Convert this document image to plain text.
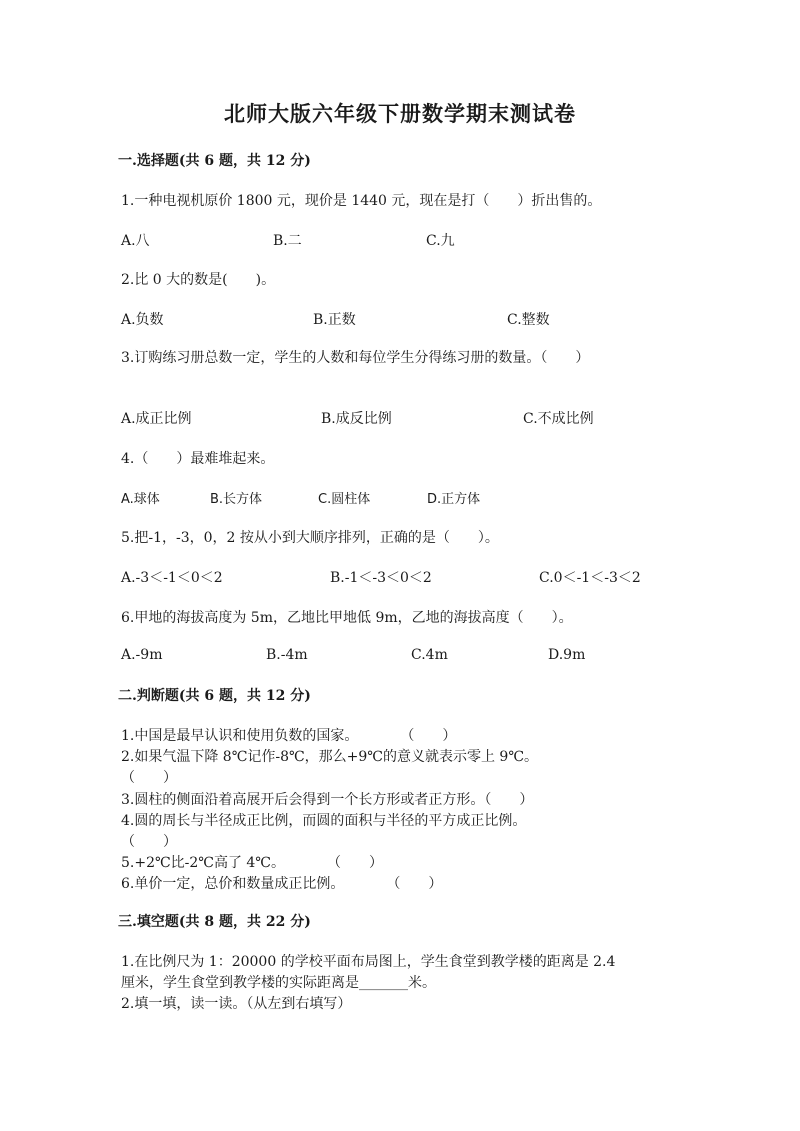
北师大版六年级下册数学期末测试卷
一.选择题(共 6 题，共 12 分)
1.一种电视机原价 1800 元，现价是 1440 元，现在是打（　　）折出售的。
A.八	B.二	C.九
2.比 0 大的数是(　　)。
A.负数	B.正数	C.整数
3.订购练习册总数一定，学生的人数和每位学生分得练习册的数量。（　　）
A.成正比例	B.成反比例	C.不成比例
4.（　　）最难堆起来。
A.球体	B.长方体	C.圆柱体	D.正方体
5.把-1，-3，0，2 按从小到大顺序排列，正确的是（　　）。
A.-3＜-1＜0＜2	B.-1＜-3＜0＜2	C.0＜-1＜-3＜2
6.甲地的海拔高度为 5m，乙地比甲地低 9m，乙地的海拔高度（　　）。
A.-9m	B.-4m	C.4m	D.9m
二.判断题(共 6 题，共 12 分)
1.中国是最早认识和使用负数的国家。　　　　（　　）
2.如果气温下降 8℃记作-8℃，那么+9℃的意义就表示零上 9℃。
（　　）
3.圆柱的侧面沿着高展开后会得到一个长方形或者正方形。（　　）
4.圆的周长与半径成正比例，而圆的面积与半径的平方成正比例。
（　　）
5.+2℃比-2℃高了 4℃。　　　　（　　）
6.单价一定，总价和数量成正比例。　　　　（　　）
三.填空题(共 8 题，共 22 分)
1.在比例尺为 1：20000 的学校平面布局图上，学生食堂到教学楼的距离是 2.4
厘米，学生食堂到教学楼的实际距离是_______米。
2.填一填，读一读。（从左到右填写）
